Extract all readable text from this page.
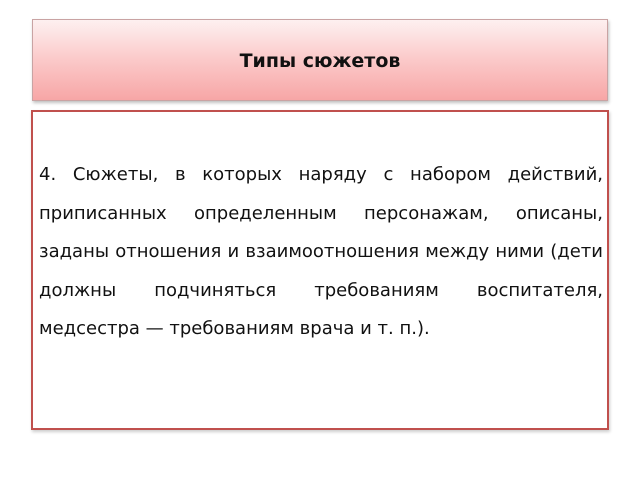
Типы сюжетов

4. Сюжеты, в которых наряду с набором действий, приписанных определенным персонажам, описаны, заданы отношения и взаимоотношения между ними (дети должны подчиняться требованиям воспитателя, медсестра — требованиям врача и т. п.).
